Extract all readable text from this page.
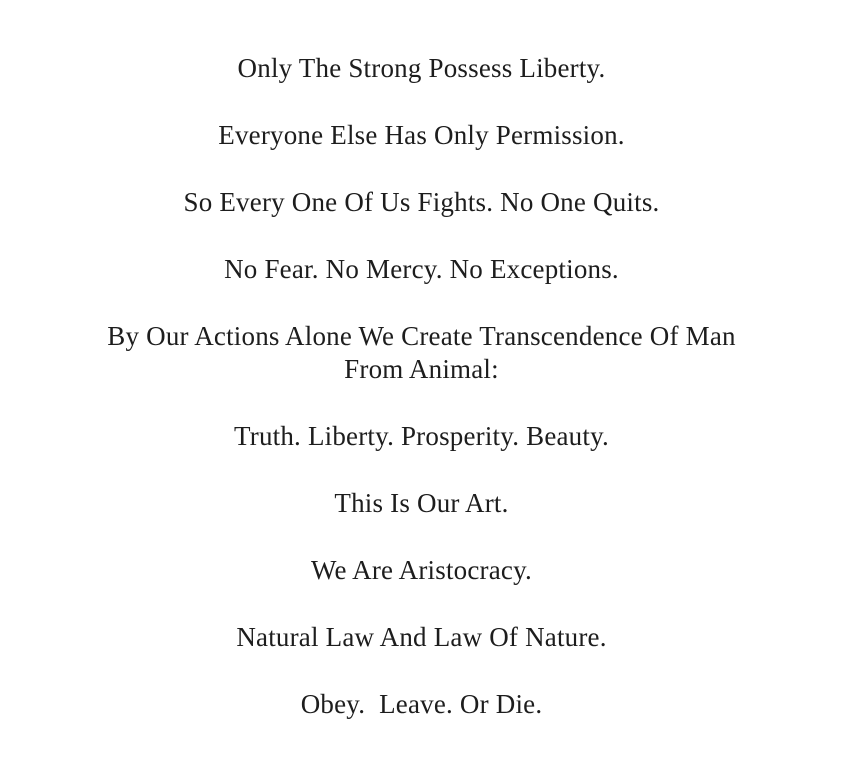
Only The Strong Possess Liberty.

Everyone Else Has Only Permission.

So Every One Of Us Fights. No One Quits.

No Fear. No Mercy. No Exceptions.

By Our Actions Alone We Create Transcendence Of Man From Animal:

Truth. Liberty. Prosperity. Beauty.

This Is Our Art.

We Are Aristocracy.

Natural Law And Law Of Nature.

Obey.  Leave. Or Die.
